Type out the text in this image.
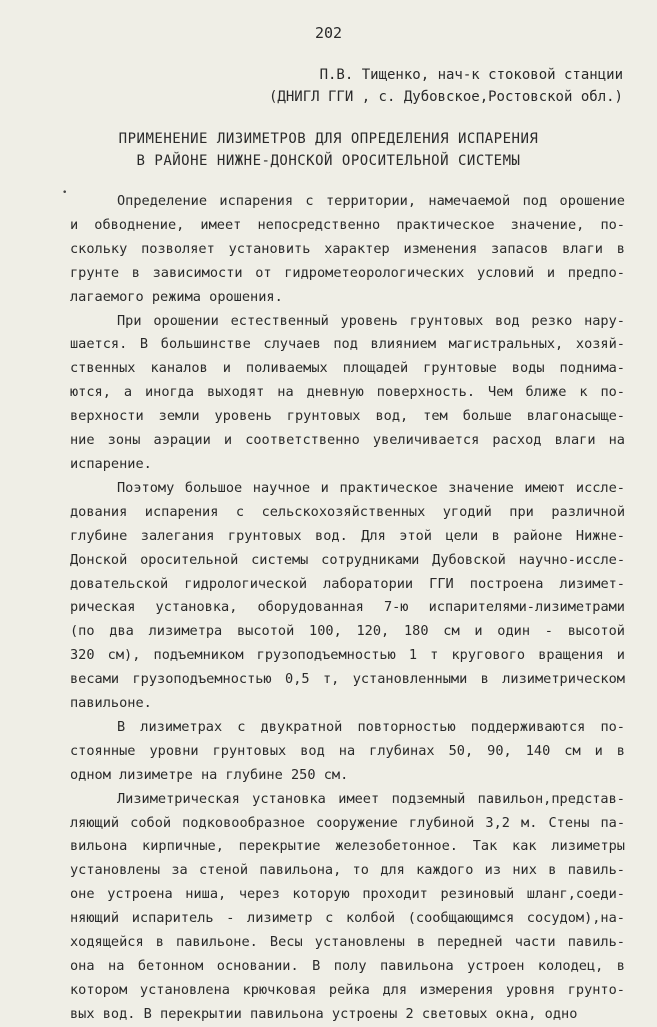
202
П.В. Тищенко, нач-к стоковой станции
(ДНИГЛ ГГИ , с. Дубовское,Ростовской обл.)
ПРИМЕНЕНИЕ ЛИЗИМЕТРОВ ДЛЯ ОПРЕДЕЛЕНИЯ ИСПАРЕНИЯ
В РАЙОНЕ НИЖНЕ-ДОНСКОЙ ОРОСИТЕЛЬНОЙ СИСТЕМЫ
•	Определение испарения с территории, намечаемой под орошение
и обводнение, имеет непосредственно практическое значение, по-
скольку позволяет установить характер изменения запасов влаги в
грунте в зависимости от гидрометеорологических условий и предпо-
лагаемого режима орошения.
При орошении естественный уровень грунтовых вод резко нару-
шается. В большинстве случаев под влиянием магистральных, хозяй-
ственных каналов и поливаемых площадей грунтовые воды поднима-
ются, а иногда выходят на дневную поверхность. Чем ближе к по-
верхности земли уровень грунтовых вод, тем больше влагонасыще-
ние зоны аэрации и соответственно увеличивается расход влаги на
испарение.
Поэтому большое научное и практическое значение имеют иссле-
дования испарения с сельскохозяйственных угодий при различной
глубине залегания грунтовых вод. Для этой цели в районе Нижне-
Донской оросительной системы сотрудниками Дубовской научно-иссле-
довательской гидрологической лаборатории ГГИ построена лизимет-
рическая установка, оборудованная 7-ю испарителями-лизиметрами
(по два лизиметра высотой 100, 120, 180 см и один - высотой
320 см), подъемником грузоподъемностью 1 т кругового вращения и
весами грузоподъемностью 0,5 т, установленными в лизиметрическом
павильоне.
В лизиметрах с двукратной повторностью поддерживаются по-
стоянные уровни грунтовых вод на глубинах 50, 90, 140 см и в
одном лизиметре на глубине 250 см.
Лизиметрическая установка имеет подземный павильон,представ-
ляющий собой подковообразное сооружение глубиной 3,2 м. Стены па-
вильона кирпичные, перекрытие железобетонное. Так как лизиметры
установлены за стеной павильона, то для каждого из них в павиль-
оне устроена ниша, через которую проходит резиновый шланг,соеди-
няющий испаритель - лизиметр с колбой (сообщающимся сосудом),на-
ходящейся в павильоне. Весы установлены в передней части павиль-
она на бетонном основании. В полу павильона устроен колодец, в
котором установлена крючковая рейка для измерения уровня грунто-
вых вод. В перекрытии павильона устроены 2 световых окна, одно
